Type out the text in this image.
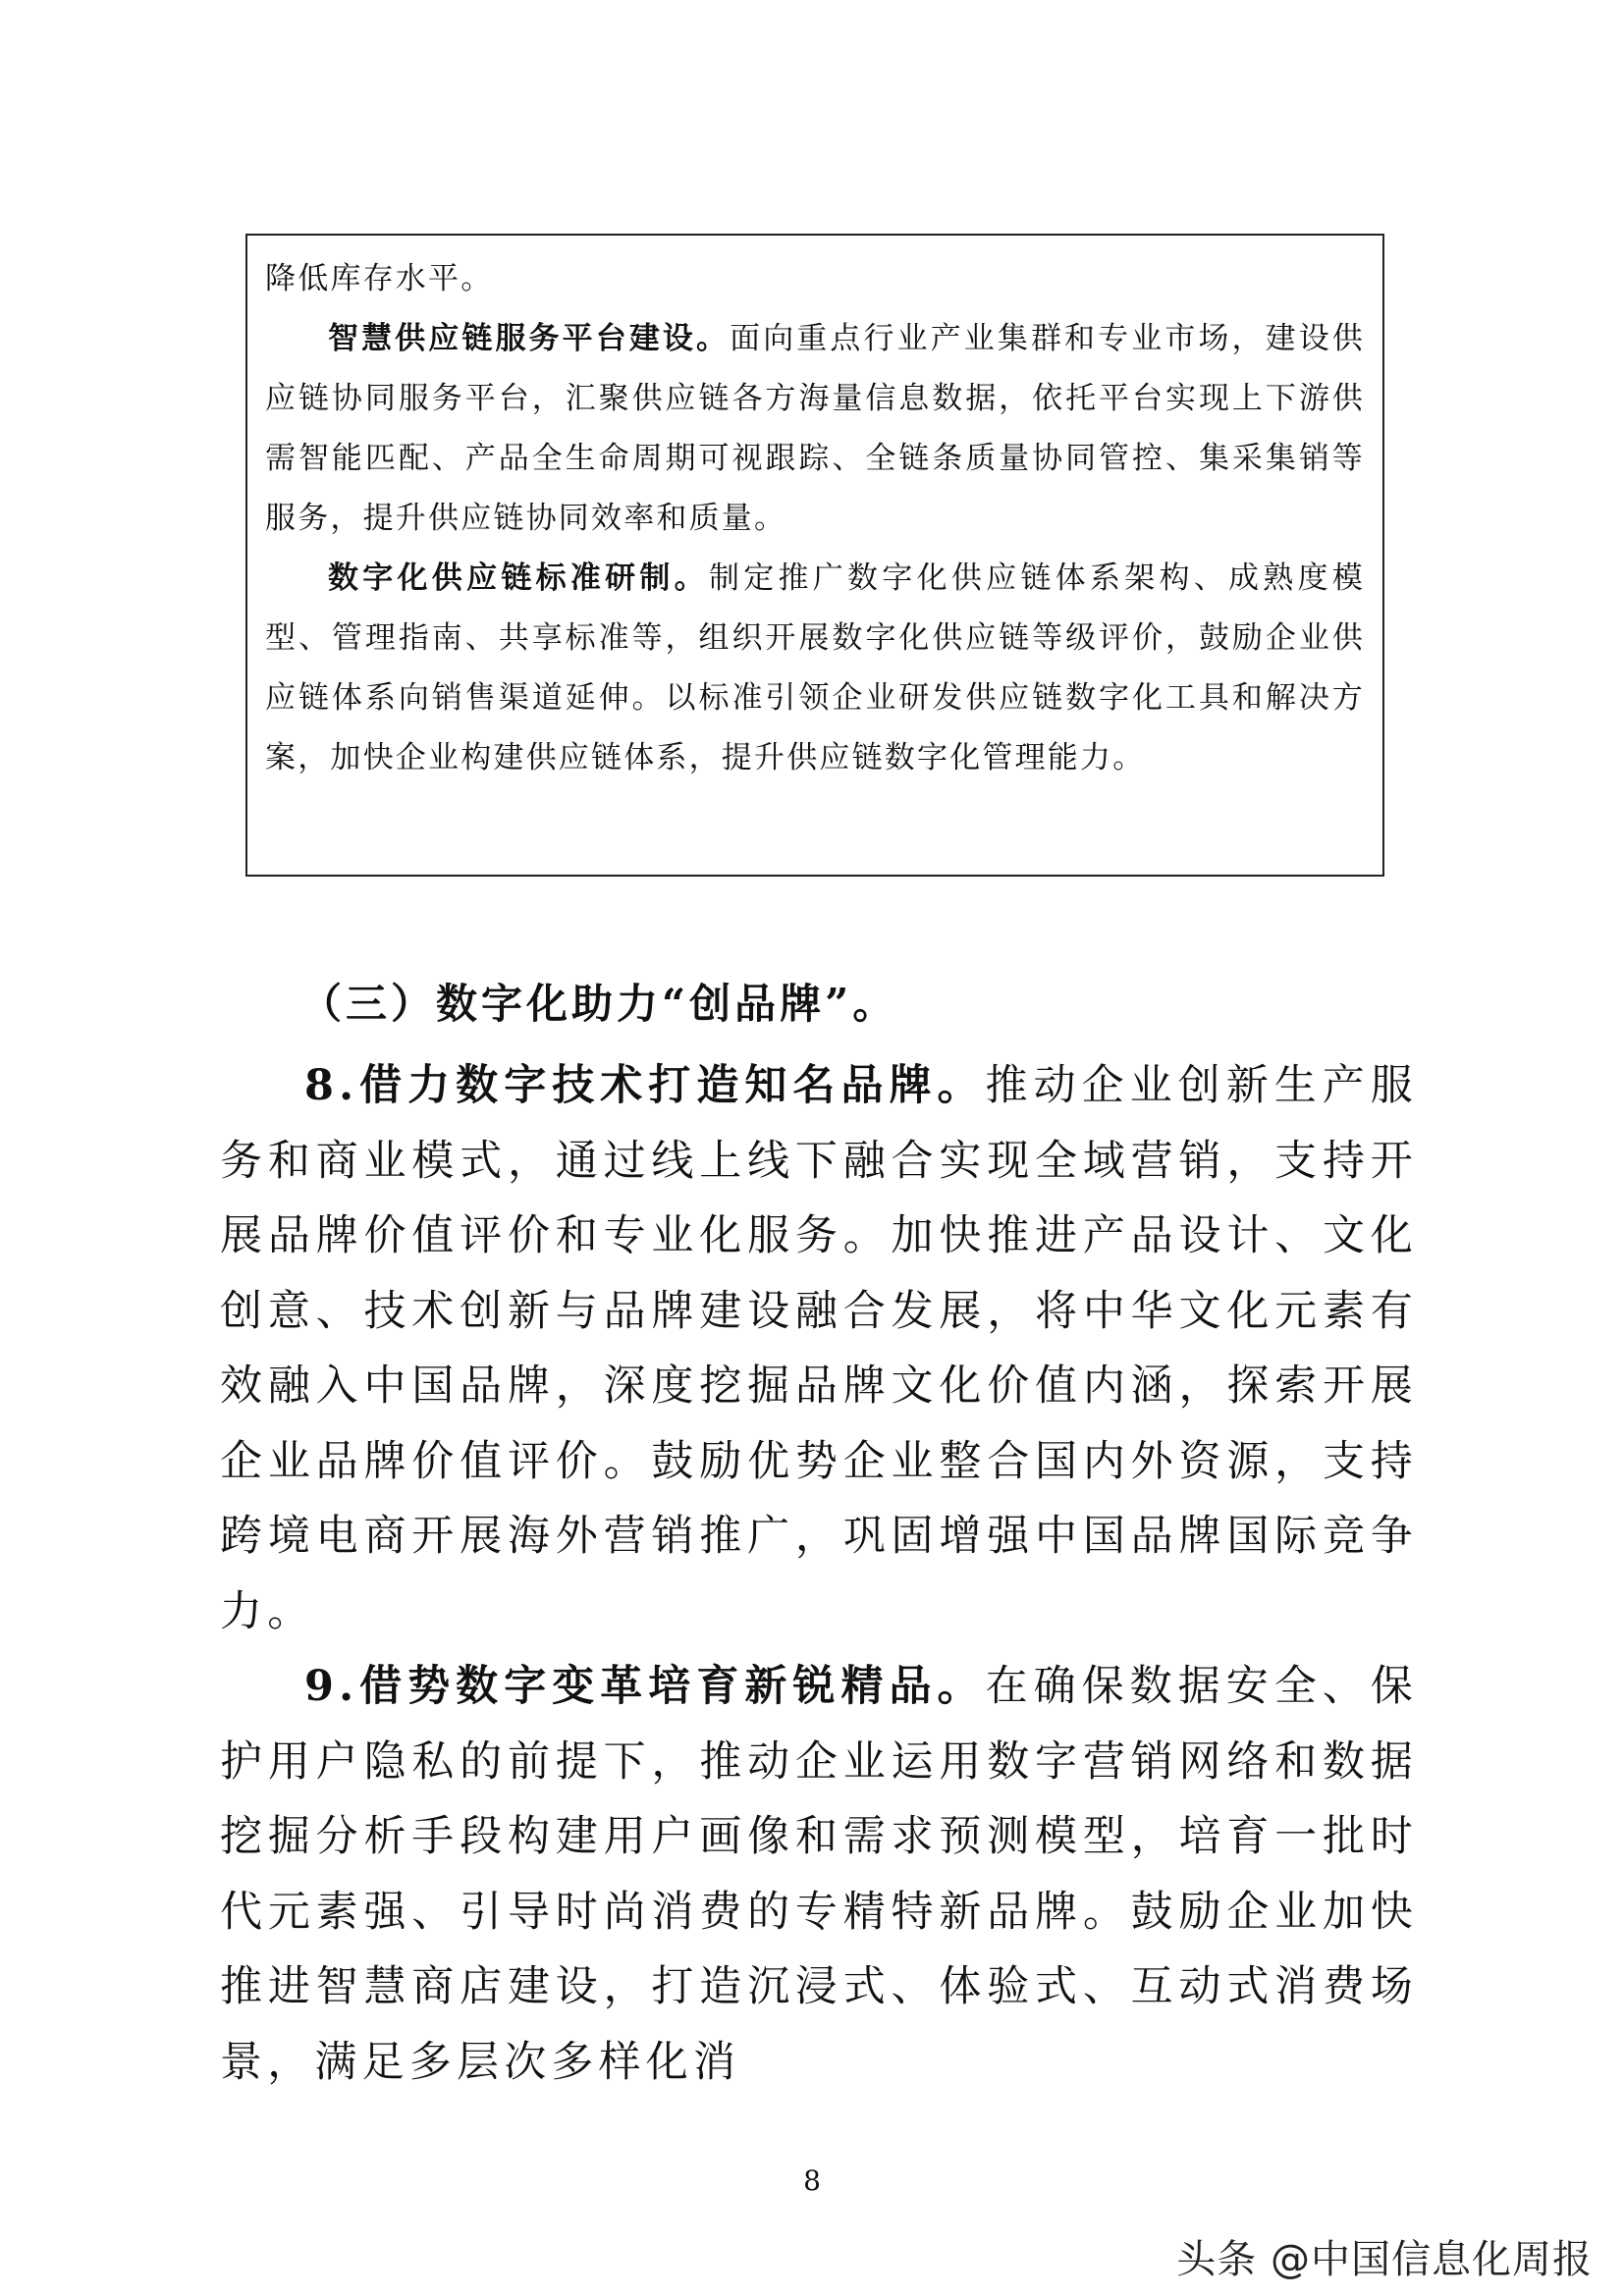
降低库存水平。

智慧供应链服务平台建设。面向重点行业产业集群和专业市场，建设供应链协同服务平台，汇聚供应链各方海量信息数据，依托平台实现上下游供需智能匹配、产品全生命周期可视跟踪、全链条质量协同管控、集采集销等服务，提升供应链协同效率和质量。

数字化供应链标准研制。制定推广数字化供应链体系架构、成熟度模型、管理指南、共享标准等，组织开展数字化供应链等级评价，鼓励企业供应链体系向销售渠道延伸。以标准引领企业研发供应链数字化工具和解决方案，加快企业构建供应链体系，提升供应链数字化管理能力。

（三）数字化助力“创品牌”。

8.借力数字技术打造知名品牌。推动企业创新生产服务和商业模式，通过线上线下融合实现全域营销，支持开展品牌价值评价和专业化服务。加快推进产品设计、文化创意、技术创新与品牌建设融合发展，将中华文化元素有效融入中国品牌，深度挖掘品牌文化价值内涵，探索开展企业品牌价值评价。鼓励优势企业整合国内外资源，支持跨境电商开展海外营销推广，巩固增强中国品牌国际竞争力。

9.借势数字变革培育新锐精品。在确保数据安全、保护用户隐私的前提下，推动企业运用数字营销网络和数据挖掘分析手段构建用户画像和需求预测模型，培育一批时代元素强、引导时尚消费的专精特新品牌。鼓励企业加快推进智慧商店建设，打造沉浸式、体验式、互动式消费场景，满足多层次多样化消

8
头条 @中国信息化周报
